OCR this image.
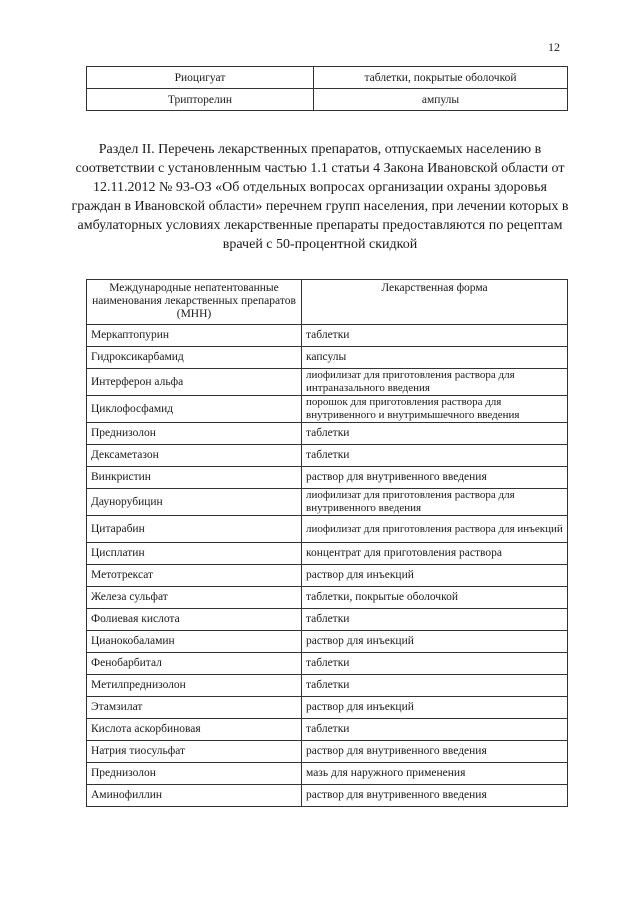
12
Риоцигуат	таблетки, покрытые оболочкой
Трипторелин	ампулы
Раздел II. Перечень лекарственных препаратов, отпускаемых населению в соответствии с установленным частью 1.1 статьи 4 Закона Ивановской области от 12.11.2012 № 93-ОЗ «Об отдельных вопросах организации охраны здоровья граждан в Ивановской области» перечнем групп населения, при лечении которых в амбулаторных условиях лекарственные препараты предоставляются по рецептам врачей с 50-процентной скидкой
Международные непатентованные наименования лекарственных препаратов (МНН)	Лекарственная форма
Меркаптопурин	таблетки
Гидроксикарбамид	капсулы
Интерферон альфа	лиофилизат для приготовления раствора для интраназального введения
Циклофосфамид	порошок для приготовления раствора для внутривенного и внутримышечного введения
Преднизолон	таблетки
Дексаметазон	таблетки
Винкристин	раствор для внутривенного введения
Даунорубицин	лиофилизат для приготовления раствора для внутривенного введения
Цитарабин	лиофилизат для приготовления раствора для инъекций
Цисплатин	концентрат для приготовления раствора
Метотрексат	раствор для инъекций
Железа сульфат	таблетки, покрытые оболочкой
Фолиевая кислота	таблетки
Цианокобаламин	раствор для инъекций
Фенобарбитал	таблетки
Метилпреднизолон	таблетки
Этамзилат	раствор для инъекций
Кислота аскорбиновая	таблетки
Натрия тиосульфат	раствор для внутривенного введения
Преднизолон	мазь для наружного применения
Аминофиллин	раствор для внутривенного введения
